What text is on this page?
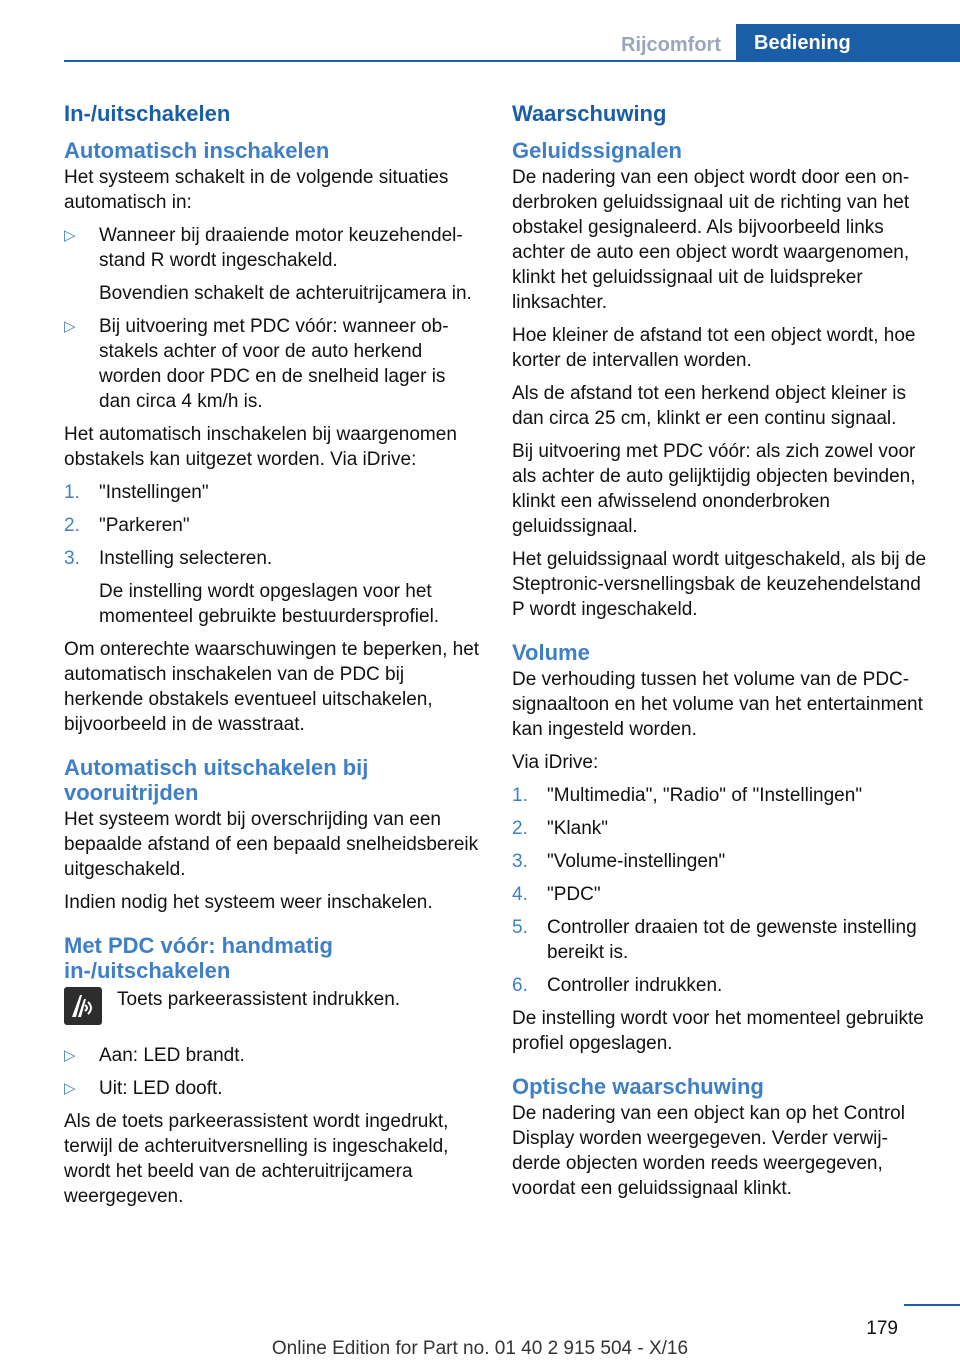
Rijcomfort	Bediening
In-/uitschakelen
Automatisch inschakelen

Het systeem schakelt in de volgende situaties automatisch in:

▷ Wanneer bij draaiende motor keuzehendelstand R wordt ingeschakeld.
Bovendien schakelt de achteruitrijcamera in.
▷ Bij uitvoering met PDC vóór: wanneer obstakels achter of voor de auto herkend worden door PDC en de snelheid lager is dan circa 4 km/h is.

Het automatisch inschakelen bij waargenomen obstakels kan uitgezet worden. Via iDrive:

1. "Instellingen"
2. "Parkeren"
3. Instelling selecteren.
De instelling wordt opgeslagen voor het momenteel gebruikte bestuurdersprofiel.

Om onterechte waarschuwingen te beperken, het automatisch inschakelen van de PDC bij herkende obstakels eventueel uitschakelen, bijvoorbeeld in de wasstraat.

Automatisch uitschakelen bij vooruitrijden

Het systeem wordt bij overschrijding van een bepaalde afstand of een bepaald snelheidsbereik uitgeschakeld.

Indien nodig het systeem weer inschakelen.

Met PDC vóór: handmatig in-/uitschakelen
Toets parkeerassistent indrukken.
▷ Aan: LED brandt.
▷ Uit: LED dooft.

Als de toets parkeerassistent wordt ingedrukt, terwijl de achteruitversnelling is ingeschakeld, wordt het beeld van de achteruitrijcamera weergegeven.

Waarschuwing
Geluidssignalen

De nadering van een object wordt door een onderbroken geluidssignaal uit de richting van het obstakel gesignaleerd. Als bijvoorbeeld links achter de auto een object wordt waargenomen, klinkt het geluidssignaal uit de luidspreker linksachter.

Hoe kleiner de afstand tot een object wordt, hoe korter de intervallen worden.

Als de afstand tot een herkend object kleiner is dan circa 25 cm, klinkt er een continu signaal.

Bij uitvoering met PDC vóór: als zich zowel voor als achter de auto gelijktijdig objecten bevinden, klinkt een afwisselend ononderbroken geluidssignaal.

Het geluidssignaal wordt uitgeschakeld, als bij de Steptronic-versnellingsbak de keuzehendelstand P wordt ingeschakeld.

Volume

De verhouding tussen het volume van de PDC-signaaltoon en het volume van het entertainment kan ingesteld worden.

Via iDrive:

1. "Multimedia", "Radio" of "Instellingen"
2. "Klank"
3. "Volume-instellingen"
4. "PDC"
5. Controller draaien tot de gewenste instelling bereikt is.
6. Controller indrukken.

De instelling wordt voor het momenteel gebruikte profiel opgeslagen.

Optische waarschuwing

De nadering van een object kan op het Control Display worden weergegeven. Verder verwijderde objecten worden reeds weergegeven, voordat een geluidssignaal klinkt.

179
Online Edition for Part no. 01 40 2 915 504 - X/16
